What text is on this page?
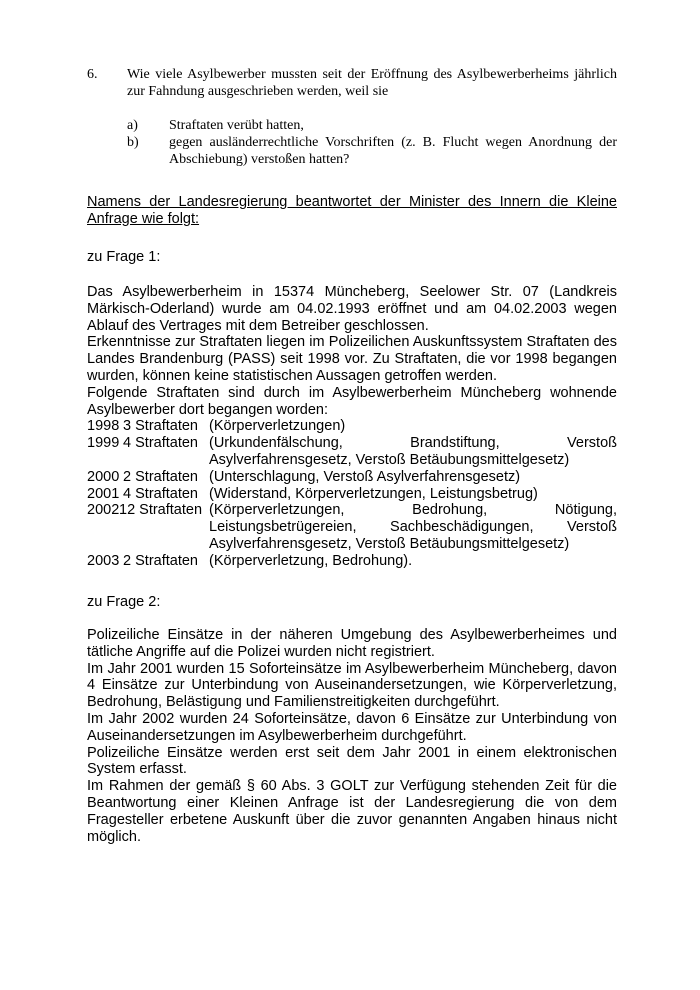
6. Wie viele Asylbewerber mussten seit der Eröffnung des Asylbewerberheims jährlich zur Fahndung ausgeschrieben werden, weil sie
a) Straftaten verübt hatten,
b) gegen ausländerrechtliche Vorschriften (z. B. Flucht wegen Anordnung der Abschiebung) verstoßen hatten?
Namens der Landesregierung beantwortet der Minister des Innern die Kleine Anfrage wie folgt:
zu Frage 1:

Das Asylbewerberheim in 15374 Müncheberg, Seelower Str. 07 (Landkreis Märkisch-Oderland) wurde am 04.02.1993 eröffnet und am 04.02.2003 wegen Ablauf des Vertrages mit dem Betreiber geschlossen.

Erkenntnisse zur Straftaten liegen im Polizeilichen Auskunftssystem Straftaten des Landes Brandenburg (PASS) seit 1998 vor. Zu Straftaten, die vor 1998 begangen wurden, können keine statistischen Aussagen getroffen werden.

Folgende Straftaten sind durch im Asylbewerberheim Müncheberg wohnende Asylbewerber dort begangen worden:

1998 3 Straftaten (Körperverletzungen)
1999 4 Straftaten (Urkundenfälschung, Brandstiftung, Verstoß Asylverfahrensgesetz, Verstoß Betäubungsmittelgesetz)
2000 2 Straftaten (Unterschlagung, Verstoß Asylverfahrensgesetz)
2001 4 Straftaten (Widerstand, Körperverletzungen, Leistungsbetrug)
2002 12 Straftaten (Körperverletzungen, Bedrohung, Nötigung, Leistungsbetrügereien, Sachbeschädigungen, Verstoß Asylverfahrensgesetz, Verstoß Betäubungsmittelgesetz)
2003 2 Straftaten (Körperverletzung, Bedrohung).
zu Frage 2:

Polizeiliche Einsätze in der näheren Umgebung des Asylbewerberheimes und tätliche Angriffe auf die Polizei wurden nicht registriert.

Im Jahr 2001 wurden 15 Soforteinsätze im Asylbewerberheim Müncheberg, davon 4 Einsätze zur Unterbindung von Auseinandersetzungen, wie Körperverletzung, Bedrohung, Belästigung und Familienstreitigkeiten durchgeführt.

Im Jahr 2002 wurden 24 Soforteinsätze, davon 6 Einsätze zur Unterbindung von Auseinandersetzungen im Asylbewerberheim durchgeführt.

Polizeiliche Einsätze werden erst seit dem Jahr 2001 in einem elektronischen System erfasst.

Im Rahmen der gemäß § 60 Abs. 3 GOLT zur Verfügung stehenden Zeit für die Beantwortung einer Kleinen Anfrage ist der Landesregierung die von dem Fragesteller erbetene Auskunft über die zuvor genannten Angaben hinaus nicht möglich.
